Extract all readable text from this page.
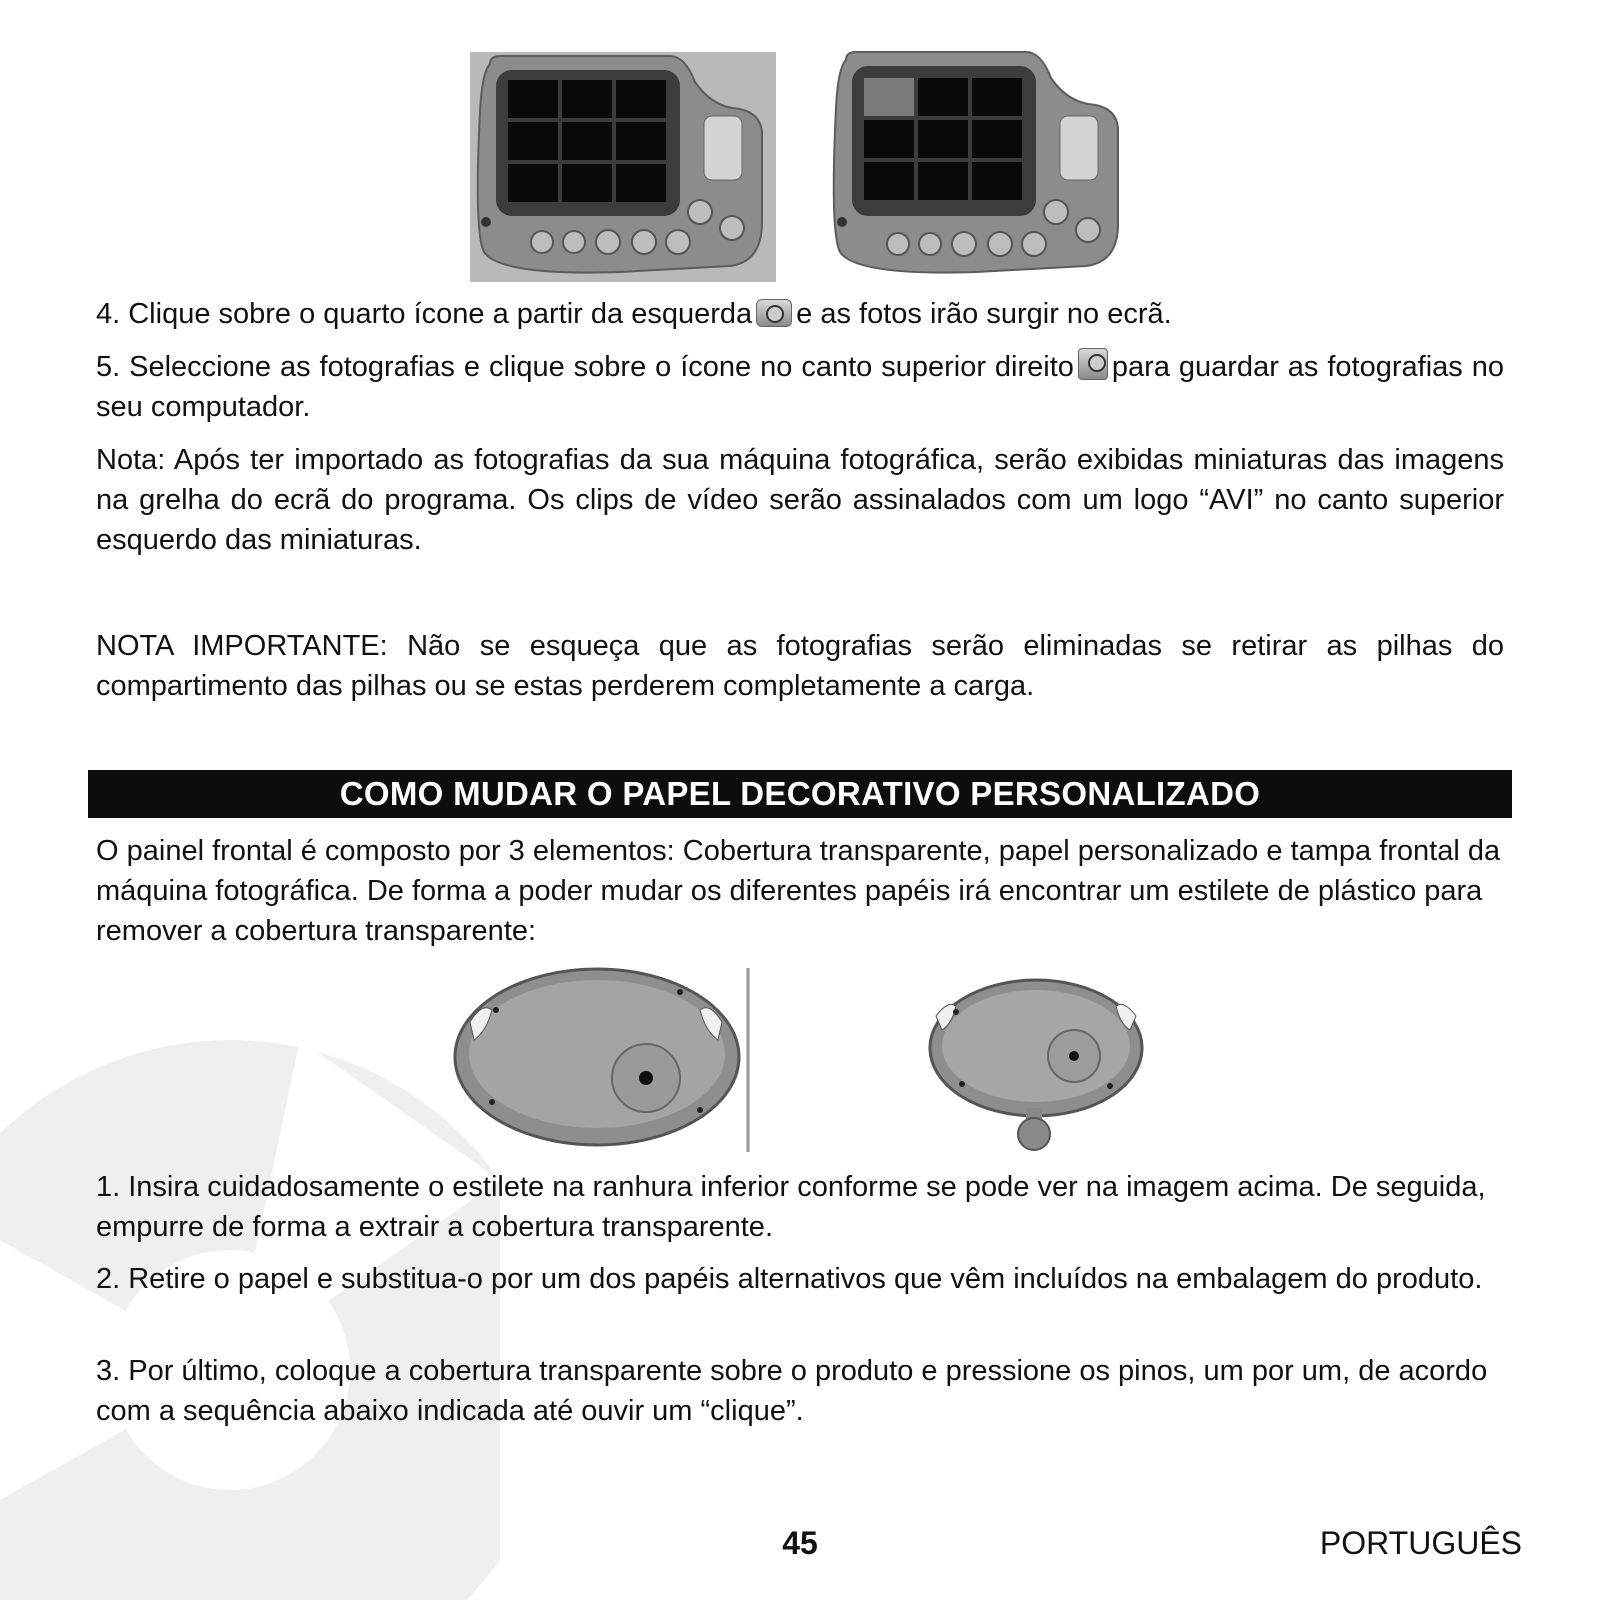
4. Clique sobre o quarto ícone a partir da esquerda e as fotos irão surgir no ecrã.

5. Seleccione as fotografias e clique sobre o ícone no canto superior direito para guardar as fotografias no seu computador.

Nota: Após ter importado as fotografias da sua máquina fotográfica, serão exibidas miniaturas das imagens na grelha do ecrã do programa. Os clips de vídeo serão assinalados com um logo “AVI” no canto superior esquerdo das miniaturas.

NOTA IMPORTANTE: Não se esqueça que as fotografias serão eliminadas se retirar as pilhas do compartimento das pilhas ou se estas perderem completamente a carga.

COMO MUDAR O PAPEL DECORATIVO PERSONALIZADO

O painel frontal é composto por 3 elementos: Cobertura transparente, papel personalizado e tampa frontal da máquina fotográfica. De forma a poder mudar os diferentes papéis irá encontrar um estilete de plástico para remover a cobertura transparente:

1. Insira cuidadosamente o estilete na ranhura inferior conforme se pode ver na imagem acima. De seguida, empurre de forma a extrair a cobertura transparente.

2. Retire o papel e substitua-o por um dos papéis alternativos que vêm incluídos na embalagem do produto.

3. Por último, coloque a cobertura transparente sobre o produto e pressione os pinos, um por um, de acordo com a sequência abaixo indicada até ouvir um “clique”.

45	PORTUGUÊS
